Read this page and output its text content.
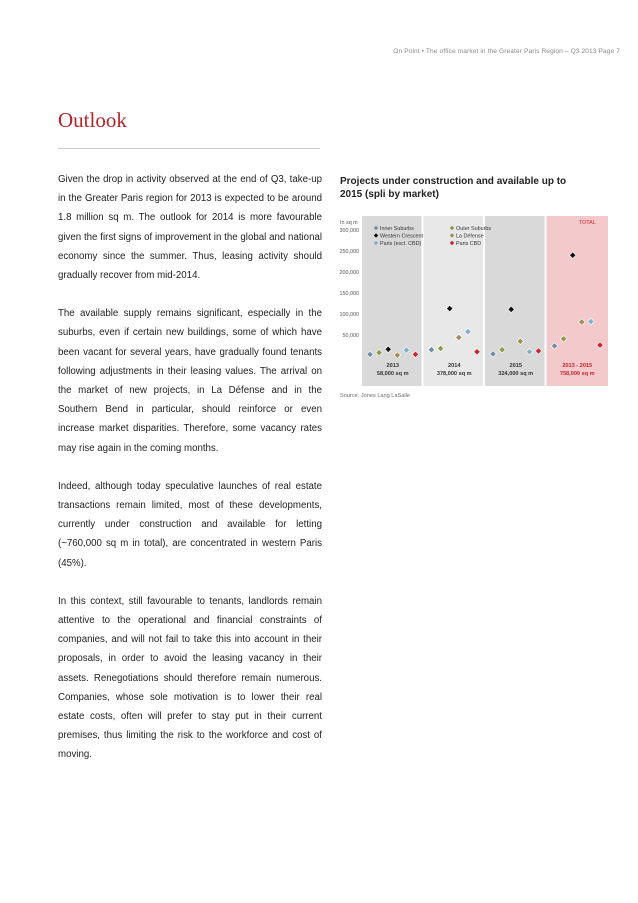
On Point • The office market in the Greater Paris Region – Q3 2013 Page 7
Outlook

Given the drop in activity observed at the end of Q3, take-up in the Greater Paris region for 2013 is expected to be around 1.8 million sq m. The outlook for 2014 is more favourable given the first signs of improvement in the global and national economy since the summer. Thus, leasing activity should gradually recover from mid-2014.

The available supply remains significant, especially in the suburbs, even if certain new buildings, some of which have been vacant for several years, have gradually found tenants following adjustments in their leasing values. The arrival on the market of new projects, in La Défense and in the Southern Bend in particular, should reinforce or even increase market disparities. Therefore, some vacancy rates may rise again in the coming months.

Indeed, although today speculative launches of real estate transactions remain limited, most of these developments, currently under construction and available for letting (~760,000 sq m in total), are concentrated in western Paris (45%).

In this context, still favourable to tenants, landlords remain attentive to the operational and financial constraints of companies, and will not fail to take this into account in their proposals, in order to avoid the leasing vacancy in their assets. Renegotiations should therefore remain numerous. Companies, whose sole motivation is to lower their real estate costs, often will prefer to stay put in their current premises, thus limiting the risk to the workforce and cost of moving.

Projects under construction and available up to 2015 (spli by market)
2013
58,000 sq m
2014
378,000 sq m
2015
324,000 sq m
2013 - 2015
758,000 sq m
TOTAL
In sq m
50,000
100,000
150,000
200,000
250,000
300,000	Inner Suburbs	Outer Suburbs
Western Crescent	La Défense
Paris (excl. CBD)	Paris CBD
Source: Jones Lang LaSalle
